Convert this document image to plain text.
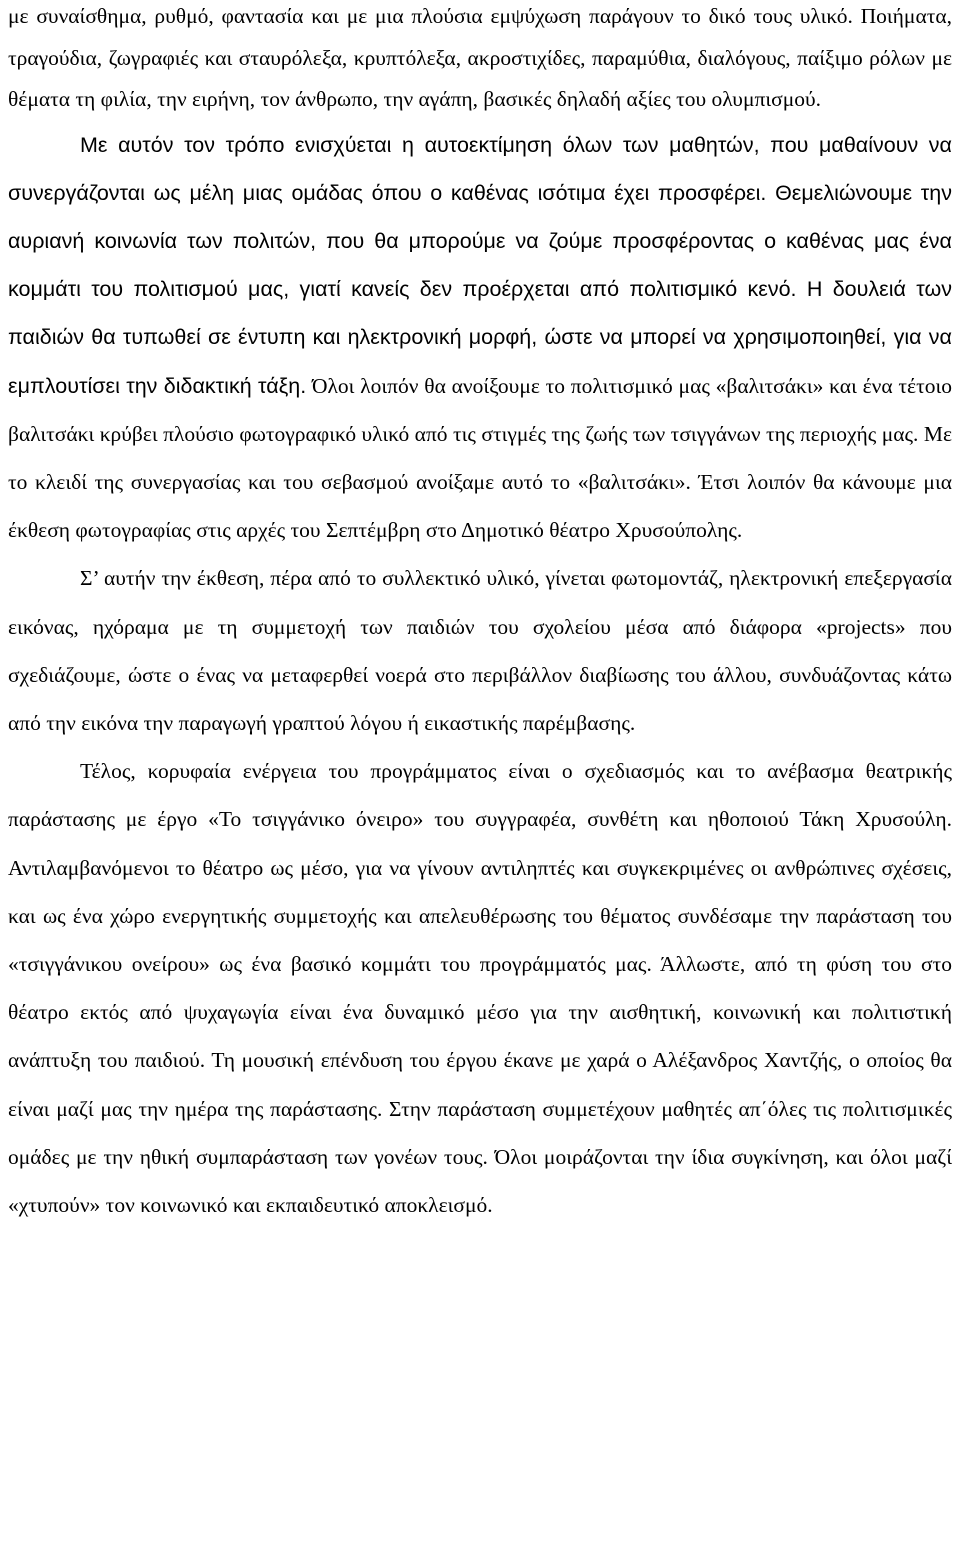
με συναίσθημα, ρυθμό, φαντασία και με μια πλούσια εμψύχωση παράγουν το δικό τους υλικό. Ποιήματα, τραγούδια, ζωγραφιές και σταυρόλεξα, κρυπτόλεξα, ακροστιχίδες, παραμύθια, διαλόγους, παίξιμο ρόλων με θέματα τη φιλία, την ειρήνη, τον άνθρωπο, την αγάπη, βασικές δηλαδή αξίες του ολυμπισμού.

Με αυτόν τον τρόπο ενισχύεται η αυτοεκτίμηση όλων των μαθητών, που μαθαίνουν να συνεργάζονται ως μέλη μιας ομάδας όπου ο καθένας ισότιμα έχει προσφέρει. Θεμελιώνουμε την αυριανή κοινωνία των πολιτών, που θα μπορούμε να ζούμε προσφέροντας ο καθένας μας ένα κομμάτι του πολιτισμού μας, γιατί κανείς δεν προέρχεται από πολιτισμικό κενό. Η δουλειά των παιδιών θα τυπωθεί σε έντυπη και ηλεκτρονική μορφή, ώστε να μπορεί να χρησιμοποιηθεί, για να εμπλουτίσει την διδακτική τάξη. Όλοι λοιπόν θα ανοίξουμε το πολιτισμικό μας «βαλιτσάκι» και ένα τέτοιο βαλιτσάκι κρύβει πλούσιο φωτογραφικό υλικό από τις στιγμές της ζωής των τσιγγάνων της περιοχής μας. Με το κλειδί της συνεργασίας και του σεβασμού ανοίξαμε αυτό το «βαλιτσάκι». Έτσι λοιπόν θα κάνουμε μια έκθεση φωτογραφίας στις αρχές του Σεπτέμβρη στο Δημοτικό θέατρο Χρυσούπολης.

Σ’ αυτήν την έκθεση, πέρα από το συλλεκτικό υλικό, γίνεται φωτομοντάζ, ηλεκτρονική επεξεργασία εικόνας, ηχόραμα με τη συμμετοχή των παιδιών του σχολείου μέσα από διάφορα «projects» που σχεδιάζουμε, ώστε ο ένας να μεταφερθεί νοερά στο περιβάλλον διαβίωσης του άλλου, συνδυάζοντας κάτω από την εικόνα την παραγωγή γραπτού λόγου ή εικαστικής παρέμβασης.

Τέλος, κορυφαία ενέργεια του προγράμματος είναι ο σχεδιασμός και το ανέβασμα θεατρικής παράστασης με έργο «Το τσιγγάνικο όνειρο» του συγγραφέα, συνθέτη και ηθοποιού Τάκη Χρυσούλη. Αντιλαμβανόμενοι το θέατρο ως μέσο, για να γίνουν αντιληπτές και συγκεκριμένες οι ανθρώπινες σχέσεις, και ως ένα χώρο ενεργητικής συμμετοχής και απελευθέρωσης του θέματος συνδέσαμε την παράσταση του «τσιγγάνικου ονείρου» ως ένα βασικό κομμάτι του προγράμματός μας. Άλλωστε, από τη φύση του στο θέατρο εκτός από ψυχαγωγία είναι ένα δυναμικό μέσο για την αισθητική, κοινωνική και πολιτιστική ανάπτυξη του παιδιού. Τη μουσική επένδυση του έργου έκανε με χαρά ο Αλέξανδρος Χαντζής, ο οποίος θα είναι μαζί μας την ημέρα της παράστασης. Στην παράσταση συμμετέχουν μαθητές απ΄όλες τις πολιτισμικές ομάδες με την ηθική συμπαράσταση των γονέων τους. Όλοι μοιράζονται την ίδια συγκίνηση, και όλοι μαζί «χτυπούν» τον κοινωνικό και εκπαιδευτικό αποκλεισμό.
